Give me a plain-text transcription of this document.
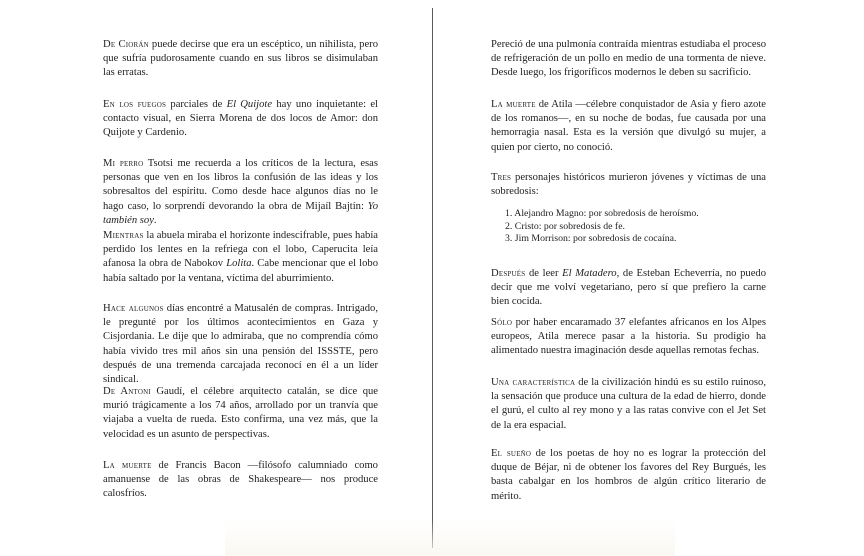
De Ciorán puede decirse que era un escéptico, un nihilista, pero que sufría pudorosamente cuando en sus libros se disimulaban las erratas.

En los fuegos parciales de El Quijote hay uno inquietante: el contacto visual, en Sierra Morena de dos locos de Amor: don Quijote y Cardenio.

Mi perro Tsotsi me recuerda a los críticos de la lectura, esas personas que ven en los libros la confusión de las ideas y los sobresaltos del espíritu. Como desde hace algunos días no le hago caso, lo sorprendí devorando la obra de Mijaíl Bajtín: Yo también soy.

Mientras la abuela miraba el horizonte indescifrable, pues había perdido los lentes en la refriega con el lobo, Caperucita leía afanosa la obra de Nabokov Lolita. Cabe mencionar que el lobo había saltado por la ventana, víctima del aburrimiento.

Hace algunos días encontré a Matusalén de compras. Intrigado, le pregunté por los últimos acontecimientos en Gaza y Cisjordania. Le dije que lo admiraba, que no comprendía cómo había vivido tres mil años sin una pensión del ISSSTE, pero después de una tremenda carcajada reconocí en él a un líder sindical.

De Antoni Gaudí, el célebre arquitecto catalán, se dice que murió trágicamente a los 74 años, arrollado por un tranvía que viajaba a vuelta de rueda. Esto confirma, una vez más, que la velocidad es un asunto de perspectivas.

La muerte de Francis Bacon —filósofo calumniado como amanuense de las obras de Shakespeare— nos produce calosfríos.

Pereció de una pulmonía contraída mientras estudiaba el proceso de refrigeración de un pollo en medio de una tormenta de nieve. Desde luego, los frigoríficos modernos le deben su sacrificio.

La muerte de Atila —célebre conquistador de Asia y fiero azote de los romanos—, en su noche de bodas, fue causada por una hemorragia nasal. Esta es la versión que divulgó su mujer, a quien por cierto, no conoció.

Tres personajes históricos murieron jóvenes y víctimas de una sobredosis:

1. Alejandro Magno: por sobredosis de heroísmo.
2. Cristo: por sobredosis de fe.
3. Jim Morrison: por sobredosis de cocaína.

Después de leer El Matadero, de Esteban Echeverría, no puedo decir que me volví vegetariano, pero sí que prefiero la carne bien cocida.

Sólo por haber encaramado 37 elefantes africanos en los Alpes europeos, Atila merece pasar a la historia. Su prodigio ha alimentado nuestra imaginación desde aquellas remotas fechas.

Una característica de la civilización hindú es su estilo ruinoso, la sensación que produce una cultura de la edad de hierro, donde el gurú, el culto al rey mono y a las ratas convive con el Jet Set de la era espacial.

El sueño de los poetas de hoy no es lograr la protección del duque de Béjar, ni de obtener los favores del Rey Burgués, les basta cabalgar en los hombros de algún crítico literario de mérito.
